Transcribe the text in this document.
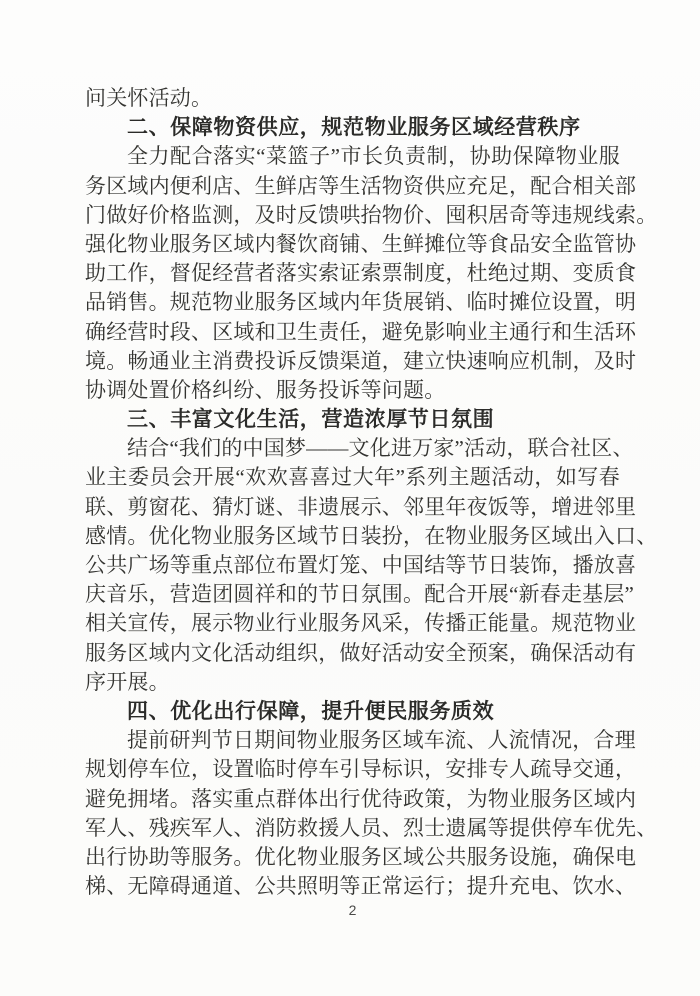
问关怀活动。
二、保障物资供应，规范物业服务区域经营秩序
全力配合落实“菜篮子”市长负责制，协助保障物业服
务区域内便利店、生鲜店等生活物资供应充足，配合相关部
门做好价格监测，及时反馈哄抬物价、囤积居奇等违规线索。
强化物业服务区域内餐饮商铺、生鲜摊位等食品安全监管协
助工作，督促经营者落实索证索票制度，杜绝过期、变质食
品销售。规范物业服务区域内年货展销、临时摊位设置，明
确经营时段、区域和卫生责任，避免影响业主通行和生活环
境。畅通业主消费投诉反馈渠道，建立快速响应机制，及时
协调处置价格纠纷、服务投诉等问题。
三、丰富文化生活，营造浓厚节日氛围
结合“我们的中国梦——文化进万家”活动，联合社区、
业主委员会开展“欢欢喜喜过大年”系列主题活动，如写春
联、剪窗花、猜灯谜、非遗展示、邻里年夜饭等，增进邻里
感情。优化物业服务区域节日装扮，在物业服务区域出入口、
公共广场等重点部位布置灯笼、中国结等节日装饰，播放喜
庆音乐，营造团圆祥和的节日氛围。配合开展“新春走基层”
相关宣传，展示物业行业服务风采，传播正能量。规范物业
服务区域内文化活动组织，做好活动安全预案，确保活动有
序开展。
四、优化出行保障，提升便民服务质效
提前研判节日期间物业服务区域车流、人流情况，合理
规划停车位，设置临时停车引导标识，安排专人疏导交通，
避免拥堵。落实重点群体出行优待政策，为物业服务区域内
军人、残疾军人、消防救援人员、烈士遗属等提供停车优先、
出行协助等服务。优化物业服务区域公共服务设施，确保电
梯、无障碍通道、公共照明等正常运行；提升充电、饮水、
2
